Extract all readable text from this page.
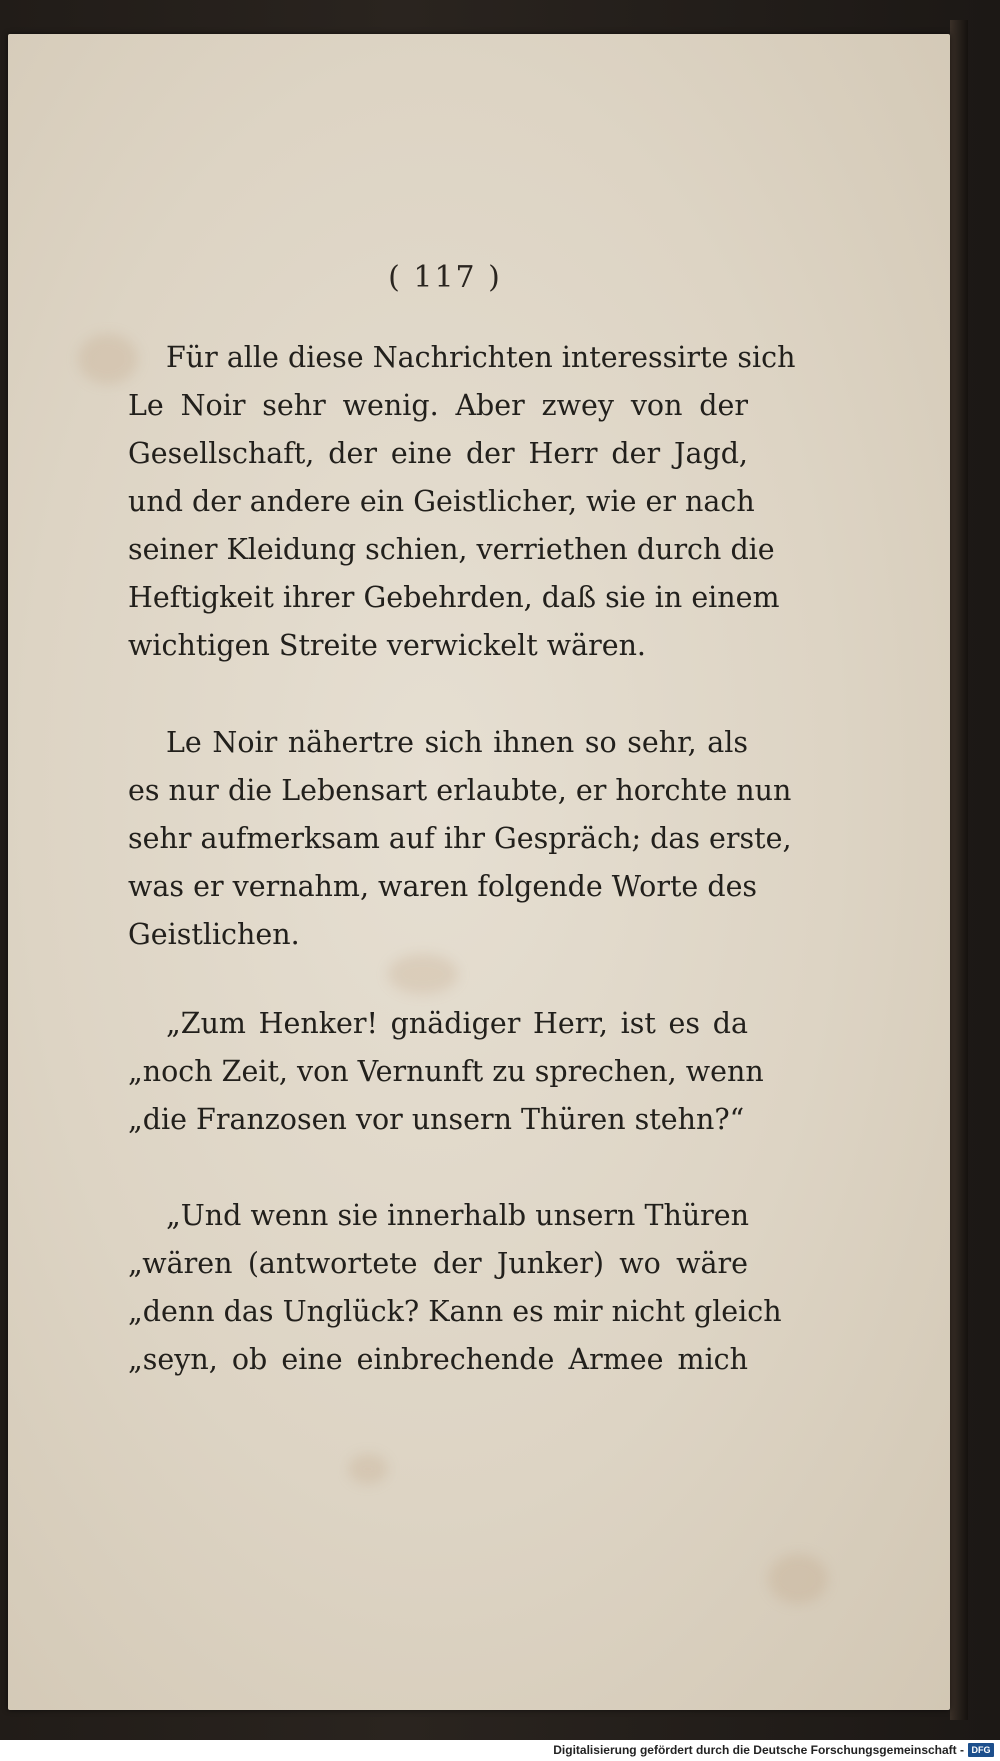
( 117 )
Für alle diese Nachrichten interessirte sich
Le Noir sehr wenig. Aber zwey von der
Gesellschaft, der eine der Herr der Jagd,
und der andere ein Geistlicher, wie er nach
seiner Kleidung schien, verriethen durch die
Heftigkeit ihrer Gebehrden, daß sie in einem
wichtigen Streite verwickelt wären.
Le Noir nähertre sich ihnen so sehr, als
es nur die Lebensart erlaubte, er horchte nun
sehr aufmerksam auf ihr Gespräch; das erste,
was er vernahm, waren folgende Worte des
Geistlichen.
„Zum Henker! gnädiger Herr, ist es da
„noch Zeit, von Vernunft zu sprechen, wenn
„die Franzosen vor unsern Thüren stehn?“
„Und wenn sie innerhalb unsern Thüren
„wären (antwortete der Junker) wo wäre
„denn das Unglück? Kann es mir nicht gleich
„seyn, ob eine einbrechende Armee mich
Digitalisierung gefördert durch die Deutsche Forschungsgemeinschaft - DFG
